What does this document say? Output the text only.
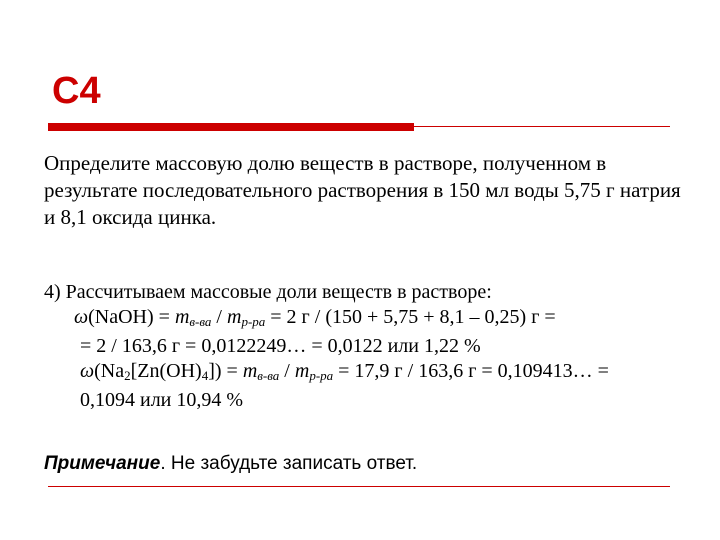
C4
Определите массовую долю веществ в растворе, полученном в результате последовательного растворения в 150 мл воды 5,75 г натрия и 8,1 оксида цинка.
4) Рассчитываем массовые доли веществ в растворе:
ω(NaOH) = mв-ва / mр-ра = 2 г / (150 + 5,75 + 8,1 – 0,25) г =
= 2 / 163,6 г = 0,0122249… = 0,0122 или 1,22 %
$\omega(Na_2[Zn(OH)_4]) = mв-ва / mр-ра = 17,9$ г / 163,6 г = 0,109413… =
0,1094 или 10,94 %
Примечание. Не забудьте записать ответ.
